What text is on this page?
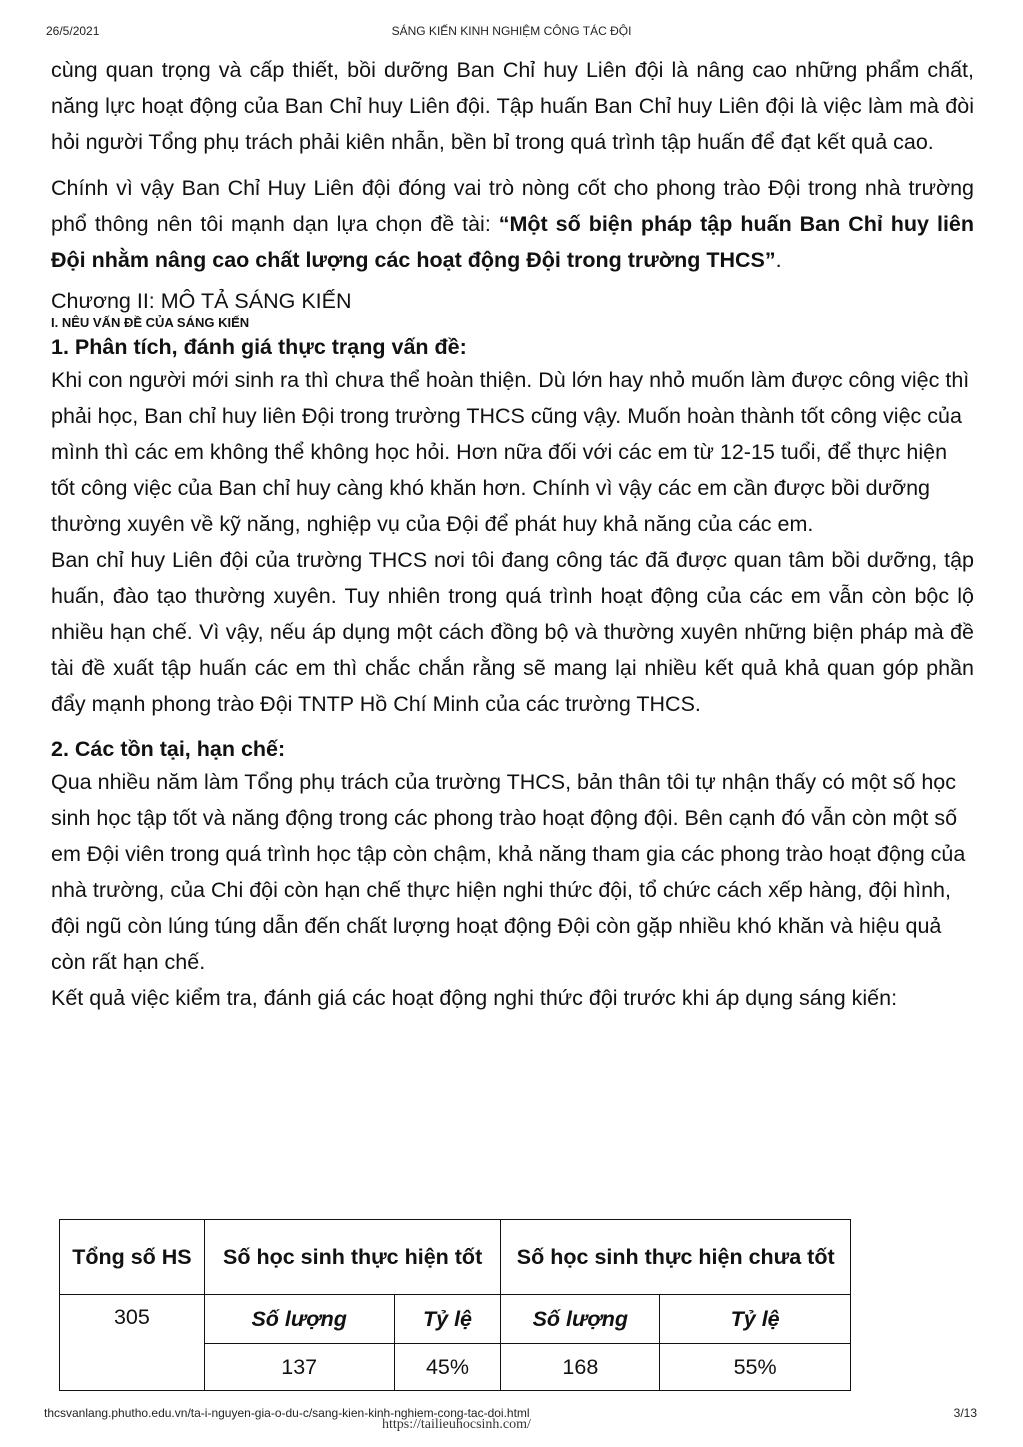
26/5/2021	SÁNG KIẾN KINH NGHIỆM CÔNG TÁC ĐỘI

cùng quan trọng và cấp thiết, bồi dưỡng Ban Chỉ huy Liên đội là nâng cao những phẩm chất, năng lực hoạt động của Ban Chỉ huy Liên đội. Tập huấn Ban Chỉ huy Liên đội là việc làm mà đòi hỏi người Tổng phụ trách phải kiên nhẫn, bền bỉ trong quá trình tập huấn để đạt kết quả cao.

Chính vì vậy Ban Chỉ Huy Liên đội đóng vai trò nòng cốt cho phong trào Đội trong nhà trường phổ thông nên tôi mạnh dạn lựa chọn đề tài: “Một số biện pháp tập huấn Ban Chỉ huy liên Đội nhằm nâng cao chất lượng các hoạt động Đội trong trường THCS”.

Chương II: MÔ TẢ SÁNG KIẾN

I. NÊU VẤN ĐỀ CỦA SÁNG KIẾN

1. Phân tích, đánh giá thực trạng vấn đề:

Khi con người mới sinh ra thì chưa thể hoàn thiện. Dù lớn hay nhỏ muốn làm được công việc thì phải học, Ban chỉ huy liên Đội trong trường THCS cũng vậy. Muốn hoàn thành tốt công việc của mình thì các em không thể không học hỏi. Hơn nữa đối với các em từ 12-15 tuổi, để thực hiện tốt công việc của Ban chỉ huy càng khó khăn hơn. Chính vì vậy các em cần được bồi dưỡng thường xuyên về kỹ năng, nghiệp vụ của Đội để phát huy khả năng của các em.

Ban chỉ huy Liên đội của trường THCS nơi tôi đang công tác đã được quan tâm bồi dưỡng, tập huấn, đào tạo thường xuyên. Tuy nhiên trong quá trình hoạt động của các em vẫn còn bộc lộ nhiều hạn chế. Vì vậy, nếu áp dụng một cách đồng bộ và thường xuyên những biện pháp mà đề tài đề xuất tập huấn các em thì chắc chắn rằng sẽ mang lại nhiều kết quả khả quan góp phần đẩy mạnh phong trào Đội TNTP Hồ Chí Minh của các trường THCS.

2. Các tồn tại, hạn chế:

Qua nhiều năm làm Tổng phụ trách của trường THCS, bản thân tôi tự nhận thấy có một số học sinh học tập tốt và năng động trong các phong trào hoạt động đội. Bên cạnh đó vẫn còn một số em Đội viên trong quá trình học tập còn chậm, khả năng tham gia các phong trào hoạt động của nhà trường, của Chi đội còn hạn chế thực hiện nghi thức đội, tổ chức cách xếp hàng, đội hình, đội ngũ còn lúng túng dẫn đến chất lượng hoạt động Đội còn gặp nhiều khó khăn và hiệu quả còn rất hạn chế.

Kết quả việc kiểm tra, đánh giá các hoạt động nghi thức đội trước khi áp dụng sáng kiến:

Tổng số HS	Số học sinh thực hiện tốt		Số học sinh thực hiện chưa tốt	
305	Số lượng	Tỷ lệ	Số lượng	Tỷ lệ
	137	45%	168	55%
thcsvanlang.phutho.edu.vn/ta-i-nguyen-gia-o-du-c/sang-kien-kinh-nghiem-cong-tac-doi.html
https://tailieuhocsinh.com/
3/13
